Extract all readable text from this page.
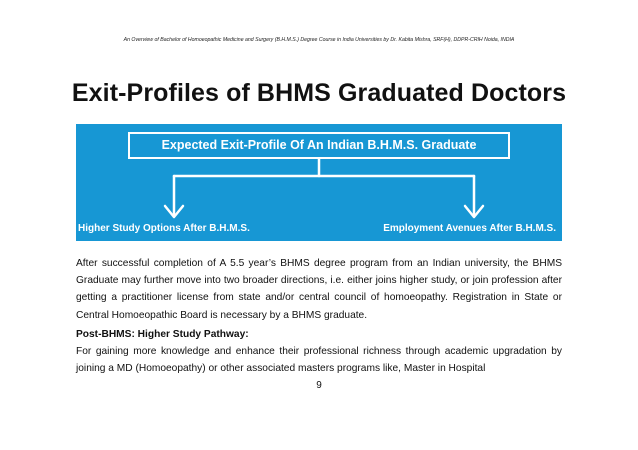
An Overview of Bachelor of Homoeopathic Medicine and Surgery (B.H.M.S.) Degree Course in India Universities by Dr. Kabita Mishra, SRF(H), DDPR-CRIH Noida, INDIA
Exit-Profiles of BHMS Graduated Doctors
Expected Exit-Profile Of An Indian B.H.M.S. Graduate
Higher Study Options After B.H.M.S.	Employment Avenues After B.H.M.S.
After successful completion of A 5.5 year’s BHMS degree program from an Indian university, the BHMS Graduate may further move into two broader directions, i.e. either joins higher study, or join profession after getting a practitioner license from state and/or central council of homoeopathy. Registration in State or Central Homoeopathic Board is necessary by a BHMS graduate.
Post-BHMS: Higher Study Pathway:
For gaining more knowledge and enhance their professional richness through academic upgradation by joining a MD (Homoeopathy) or other associated masters programs like, Master in Hospital
9
